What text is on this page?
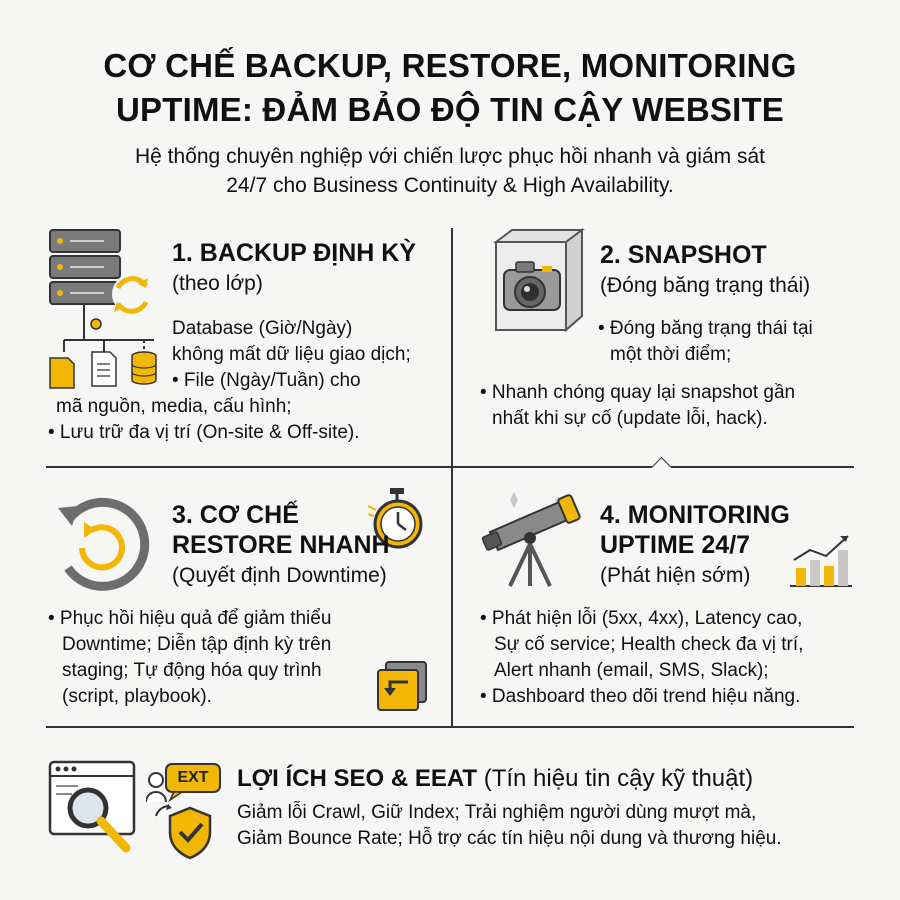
CƠ CHẾ BACKUP, RESTORE, MONITORING
UPTIME: ĐẢM BẢO ĐỘ TIN CẬY WEBSITE
Hệ thống chuyên nghiệp với chiến lược phục hồi nhanh và giám sát
24/7 cho Business Continuity & High Availability.
1. BACKUP ĐỊNH KỲ
(theo lớp)
Database (Giờ/Ngày)
không mất dữ liệu giao dịch;
• File (Ngày/Tuần) cho
mã nguồn, media, cấu hình;
• Lưu trữ đa vị trí (On-site & Off-site).
2. SNAPSHOT
(Đóng băng trạng thái)
• Đóng băng trạng thái tại
một thời điểm;
• Nhanh chóng quay lại snapshot gần
nhất khi sự cố (update lỗi, hack).
3. CƠ CHẾ
RESTORE NHANH
(Quyết định Downtime)
• Phục hồi hiệu quả để giảm thiểu
Downtime; Diễn tập định kỳ trên
staging; Tự động hóa quy trình
(script, playbook).
4. MONITORING
UPTIME 24/7
(Phát hiện sớm)
• Phát hiện lỗi (5xx, 4xx), Latency cao,
Sự cố service; Health check đa vị trí,
Alert nhanh (email, SMS, Slack);
• Dashboard theo dõi trend hiệu năng.
EXT	LỢI ÍCH SEO & EEAT (Tín hiệu tin cậy kỹ thuật)
Giảm lỗi Crawl, Giữ Index; Trải nghiệm người dùng mượt mà,
Giảm Bounce Rate; Hỗ trợ các tín hiệu nội dung và thương hiệu.
